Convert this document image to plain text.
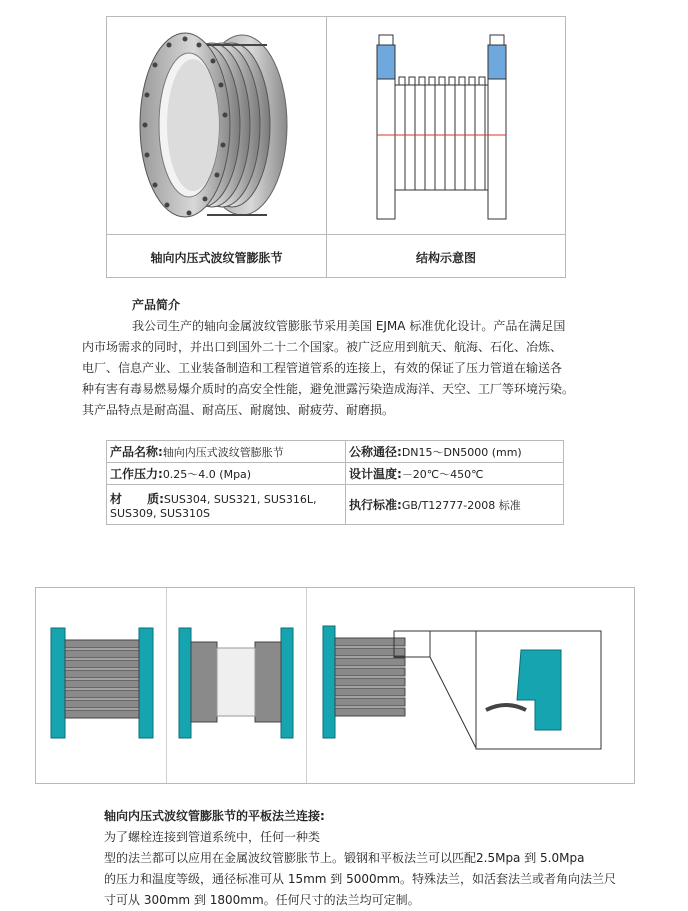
轴向内压式波纹管膨胀节	结构示意图
产品简介
我公司生产的轴向金属波纹管膨胀节采用美国 EJMA 标准优化设计。产品在满足国
内市场需求的同时，并出口到国外二十二个国家。被广泛应用到航天、航海、石化、冶炼、
电厂、信息产业、工业装备制造和工程管道管系的连接上，有效的保证了压力管道在输送各
种有害有毒易燃易爆介质时的高安全性能，避免泄露污染造成海洋、天空、工厂等环境污染。
其产品特点是耐高温、耐高压、耐腐蚀、耐疲劳、耐磨损。
产品名称:轴向内压式波纹管膨胀节	公称通径:DN15～DN5000 (mm)
工作压力:0.25～4.0 (Mpa)	设计温度:－20℃～450℃
材      质:SUS304, SUS321, SUS316L, SUS309, SUS310S	执行标准:GB/T12777-2008 标准
轴向内压式波纹管膨胀节的平板法兰连接:
为了螺栓连接到管道系统中，任何一种类
型的法兰都可以应用在金属波纹管膨胀节上。锻钢和平板法兰可以匹配2.5Mpa 到 5.0Mpa
的压力和温度等级，通径标准可从 15mm 到 5000mm。特殊法兰，如活套法兰或者角向法兰尺
寸可从 300mm 到 1800mm。任何尺寸的法兰均可定制。
